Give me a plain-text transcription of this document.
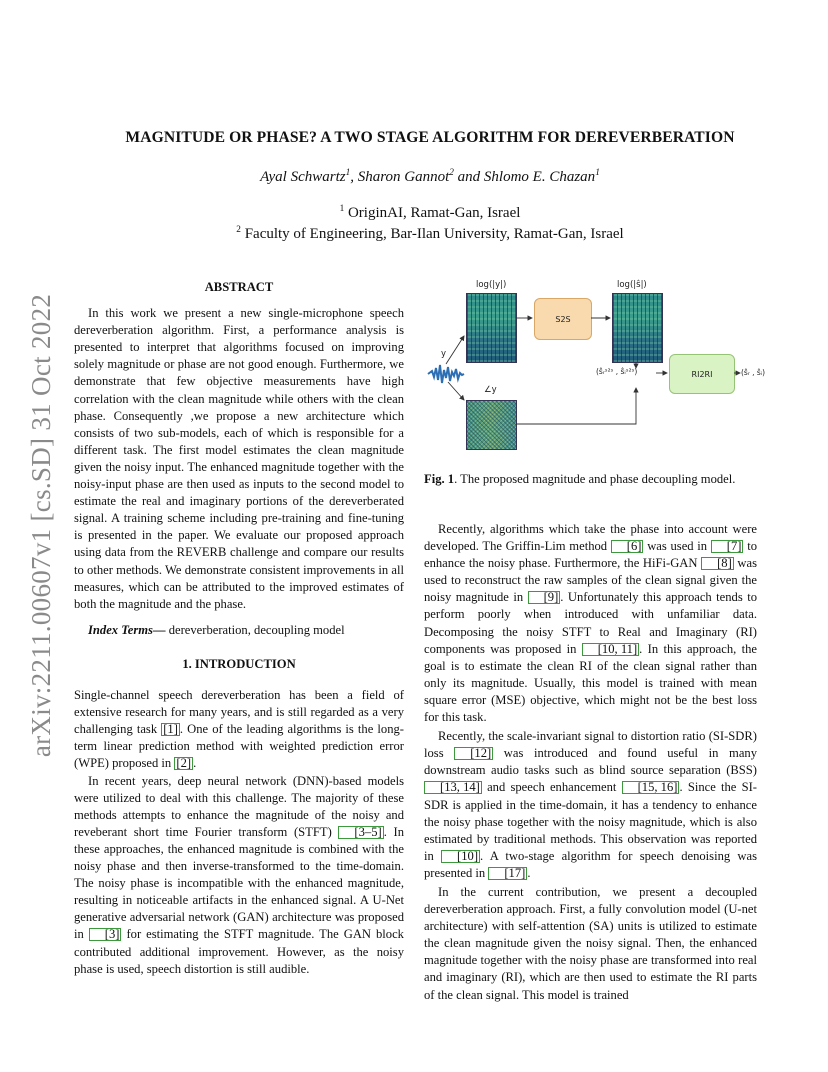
arXiv:2211.00607v1 [cs.SD] 31 Oct 2022
MAGNITUDE OR PHASE? A TWO STAGE ALGORITHM FOR DEREVERBERATION
Ayal Schwartz$^1$, Sharon Gannot$^2$ and Shlomo E. Chazan$^1$
$^1$ OriginAI, Ramat-Gan, Israel
$^2$ Faculty of Engineering, Bar-Ilan University, Ramat-Gan, Israel

ABSTRACT

In this work we present a new single-microphone speech dereverberation algorithm. First, a performance analysis is presented to interpret that algorithms focused on improving solely magnitude or phase are not good enough. Furthermore, we demonstrate that few objective measurements have high correlation with the clean magnitude while others with the clean phase. Consequently ,we propose a new architecture which consists of two sub-models, each of which is responsible for a different task. The first model estimates the clean magnitude given the noisy input. The enhanced magnitude together with the noisy-input phase are then used as inputs to the second model to estimate the real and imaginary portions of the dereverberated signal. A training scheme including pre-training and fine-tuning is presented in the paper. We evaluate our proposed approach using data from the REVERB challenge and compare our results to other methods. We demonstrate consistent improvements in all measures, which can be attributed to the improved estimates of both the magnitude and the phase.

Index Terms— dereverberation, decoupling model

1. INTRODUCTION

Single-channel speech dereverberation has been a field of extensive research for many years, and is still regarded as a very challenging task [1] . One of the leading algorithms is the long-term linear prediction method with weighted prediction error (WPE) proposed in [2] .

In recent years, deep neural network (DNN)-based models were utilized to deal with this challenge. The majority of these methods attempts to enhance the magnitude of the noisy and reveberant short time Fourier transform (STFT) [3–5] . In these approaches, the enhanced magnitude is combined with the noisy phase and then inverse-transformed to the time-domain. The noisy phase is incompatible with the enhanced magnitude, resulting in noticeable artifacts in the enhanced signal. A U-Net generative adversarial network (GAN) architecture was proposed in [3] for estimating the STFT magnitude. The GAN block contributed additional improvement. However, as the noisy phase is used, speech distortion is still audible.

log(|y|)	log(|ŝ|)
S2S
RI2RI
y
∠y
(ŝᵣˢ²ˢ , ŝᵢˢ²ˢ)	(ŝᵣ , ŝᵢ)
Fig. 1. The proposed magnitude and phase decoupling model.

Recently, algorithms which take the phase into account were developed. The Griffin-Lim method [6] was used in [7] to enhance the noisy phase. Furthermore, the HiFi-GAN [8] was used to reconstruct the raw samples of the clean signal given the noisy magnitude in [9] . Unfortunately this approach tends to perform poorly when introduced with unfamiliar data. Decomposing the noisy STFT to Real and Imaginary (RI) components was proposed in [10, 11] . In this approach, the goal is to estimate the clean RI of the clean signal rather than only its magnitude. Usually, this model is trained with mean square error (MSE) objective, which might not be the best loss for this task.

Recently, the scale-invariant signal to distortion ratio (SI-SDR) loss [12] was introduced and found useful in many downstream audio tasks such as blind source separation (BSS) [13, 14] and speech enhancement [15, 16] . Since the SI-SDR is applied in the time-domain, it has a tendency to enhance the noisy phase together with the noisy magnitude, which is also estimated by traditional methods. This observation was reported in [10] . A two-stage algorithm for speech denoising was presented in [17] .

In the current contribution, we present a decoupled dereverberation approach. First, a fully convolution model (U-net architecture) with self-attention (SA) units is utilized to estimate the clean magnitude given the noisy signal. Then, the enhanced magnitude together with the noisy phase are transformed into real and imaginary (RI), which are then used to estimate the RI parts of the clean signal. This model is trained
